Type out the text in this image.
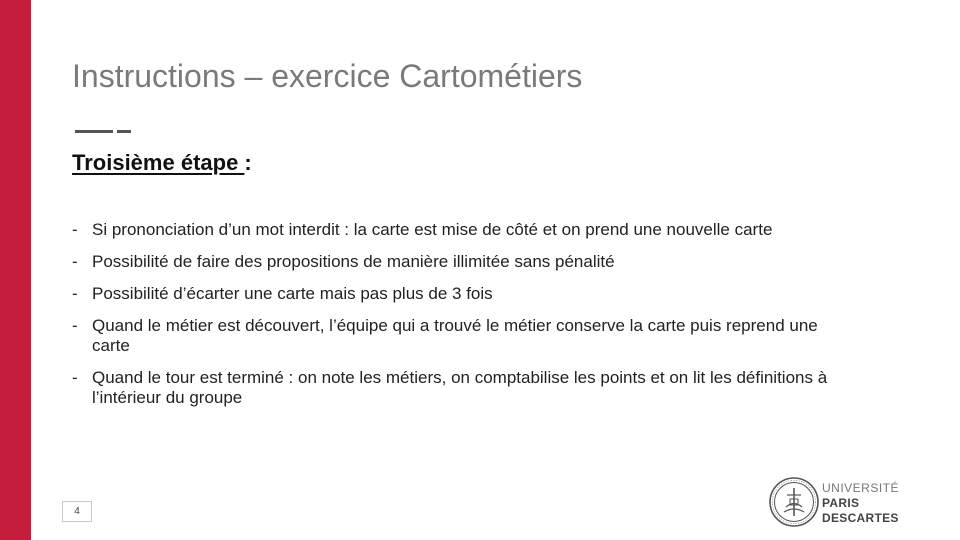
Instructions – exercice Cartométiers
Troisième étape :
- Si prononciation d’un mot interdit : la carte est mise de côté et on prend une nouvelle carte
- Possibilité de faire des propositions de manière illimitée sans pénalité
- Possibilité d’écarter une carte mais pas plus de 3 fois
- Quand le métier est découvert, l’équipe qui a trouvé le métier conserve la carte puis reprend une carte
- Quand le tour est terminé : on note les métiers, on comptabilise les points et on lit les définitions à l’intérieur du groupe
4
UNIVERSITÉ
PARIS
DESCARTES
